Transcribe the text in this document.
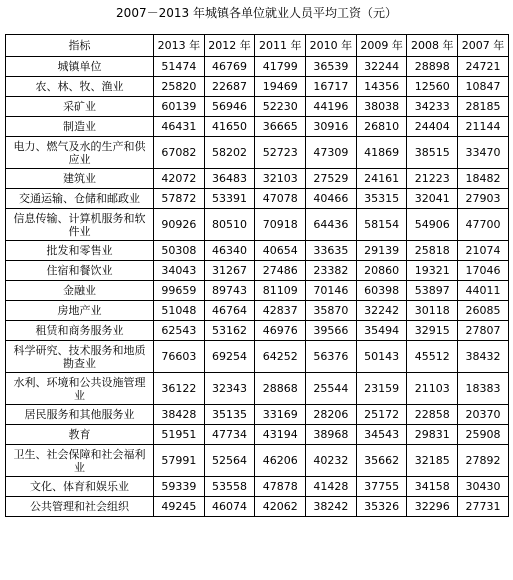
2007－2013 年城镇各单位就业人员平均工资（元）
指标	2013 年	2012 年	2011 年	2010 年	2009 年	2008 年	2007 年
城镇单位	51474	46769	41799	36539	32244	28898	24721
农、林、牧、渔业	25820	22687	19469	16717	14356	12560	10847
采矿业	60139	56946	52230	44196	38038	34233	28185
制造业	46431	41650	36665	30916	26810	24404	21144
电力、燃气及水的生产和供应业	67082	58202	52723	47309	41869	38515	33470
建筑业	42072	36483	32103	27529	24161	21223	18482
交通运输、仓储和邮政业	57872	53391	47078	40466	35315	32041	27903
信息传输、计算机服务和软件业	90926	80510	70918	64436	58154	54906	47700
批发和零售业	50308	46340	40654	33635	29139	25818	21074
住宿和餐饮业	34043	31267	27486	23382	20860	19321	17046
金融业	99659	89743	81109	70146	60398	53897	44011
房地产业	51048	46764	42837	35870	32242	30118	26085
租赁和商务服务业	62543	53162	46976	39566	35494	32915	27807
科学研究、技术服务和地质勘查业	76603	69254	64252	56376	50143	45512	38432
水利、环境和公共设施管理业	36122	32343	28868	25544	23159	21103	18383
居民服务和其他服务业	38428	35135	33169	28206	25172	22858	20370
教育	51951	47734	43194	38968	34543	29831	25908
卫生、社会保障和社会福利业	57991	52564	46206	40232	35662	32185	27892
文化、体育和娱乐业	59339	53558	47878	41428	37755	34158	30430
公共管理和社会组织	49245	46074	42062	38242	35326	32296	27731
